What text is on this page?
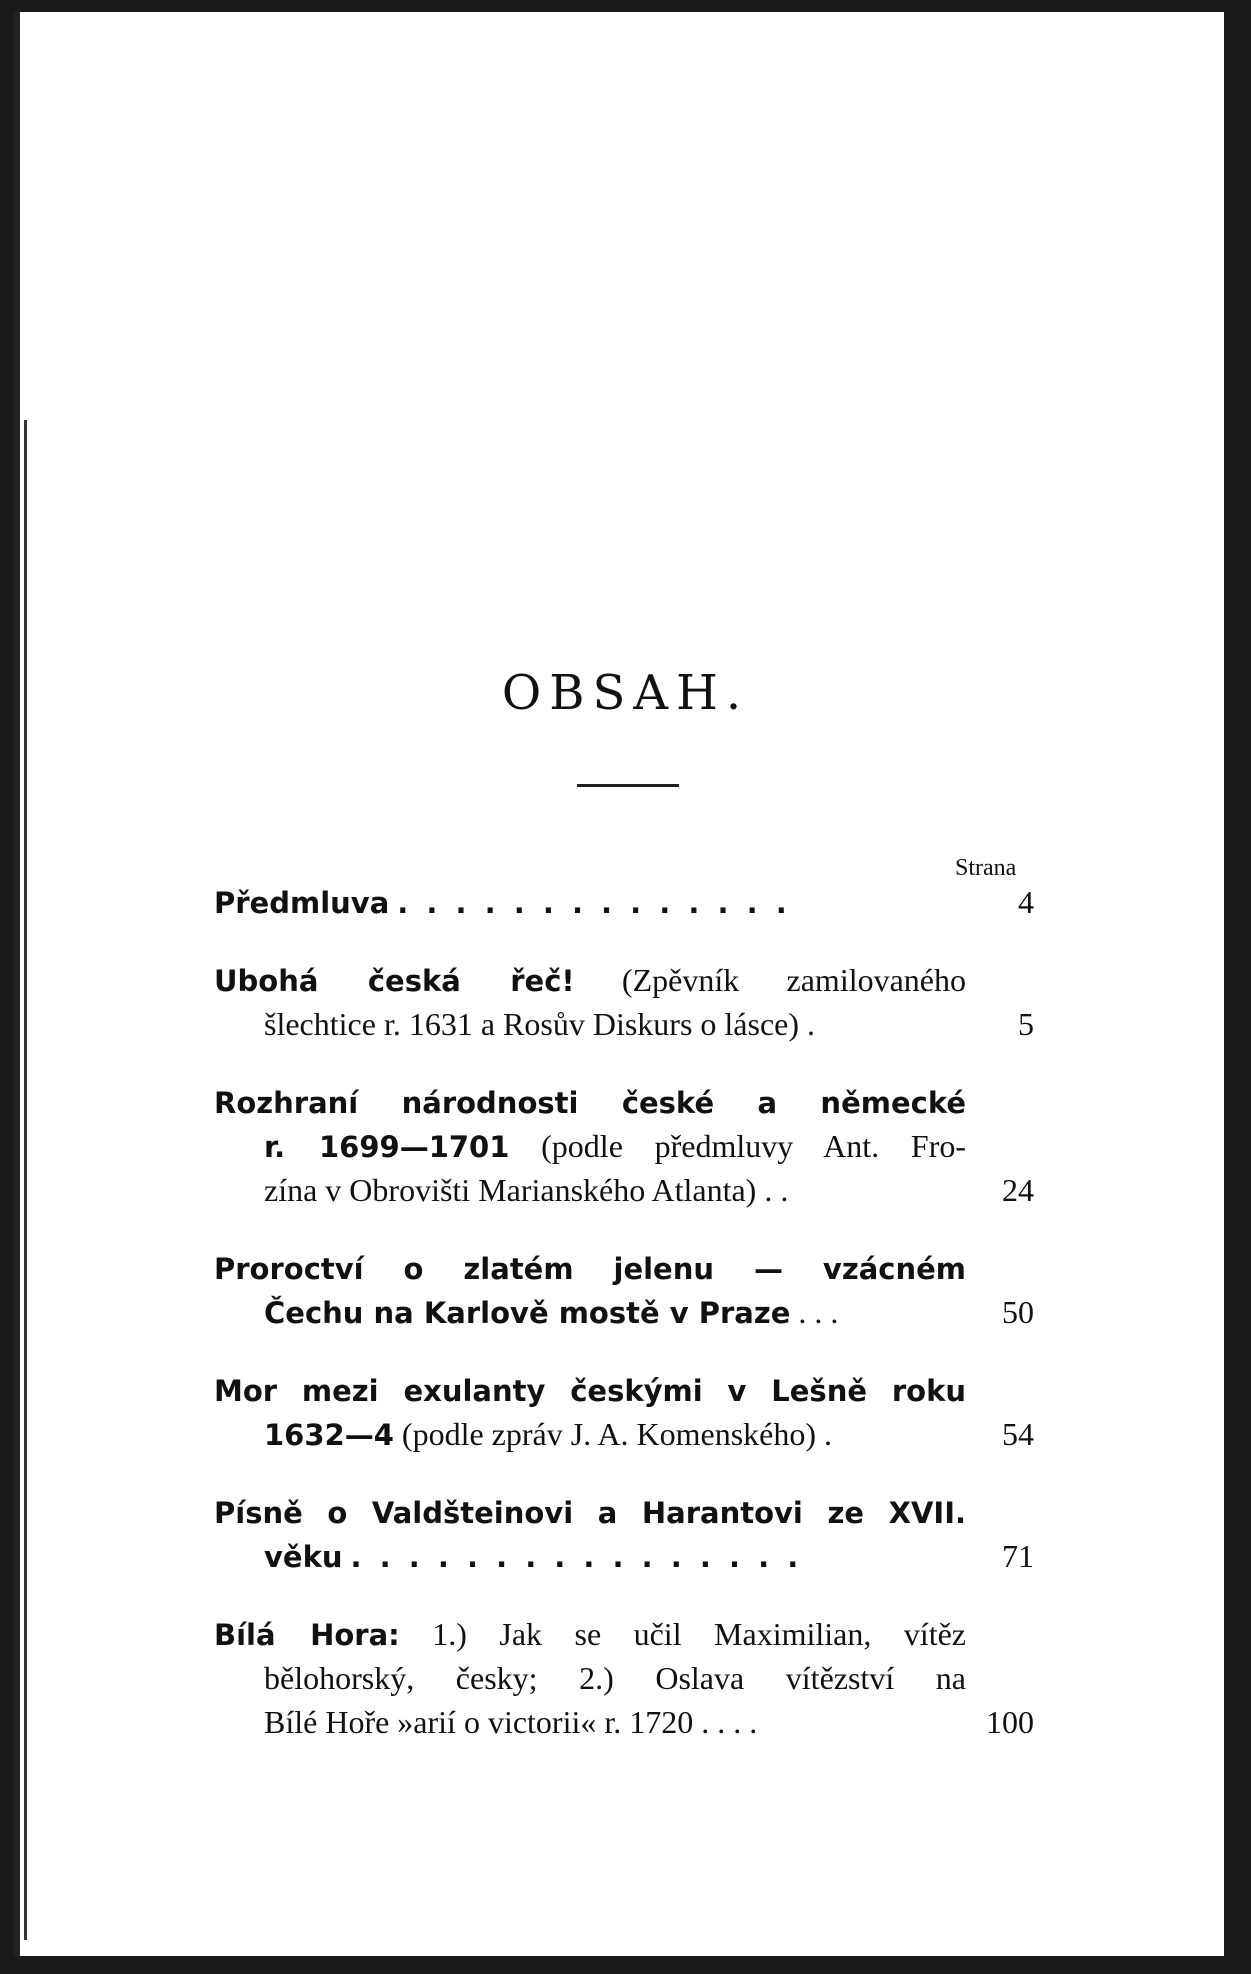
OBSAH.
Strana
Předmluva . . . . . . . . . . . . . .	4
Ubohá česká řeč! (Zpěvník zamilovaného
šlechtice r. 1631 a Rosův Diskurs o lásce) .	5
Rozhraní národnosti české a německé
r. 1699—1701 (podle předmluvy Ant. Fro-
zína v Obrovišti Marianského Atlanta) . .	24
Proroctví o zlatém jelenu — vzácném
Čechu na Karlově mostě v Praze . . .	50
Mor mezi exulanty českými v Lešně roku
1632—4 (podle zpráv J. A. Komenského) .	54
Písně o Valdšteinovi a Harantovi ze XVII.
věku . . . . . . . . . . . . . . . .	71
Bílá Hora: 1.) Jak se učil Maximilian, vítěz
bělohorský, česky; 2.) Oslava vítězství na
Bílé Hoře »arií o victorii« r. 1720 . . . .	100
